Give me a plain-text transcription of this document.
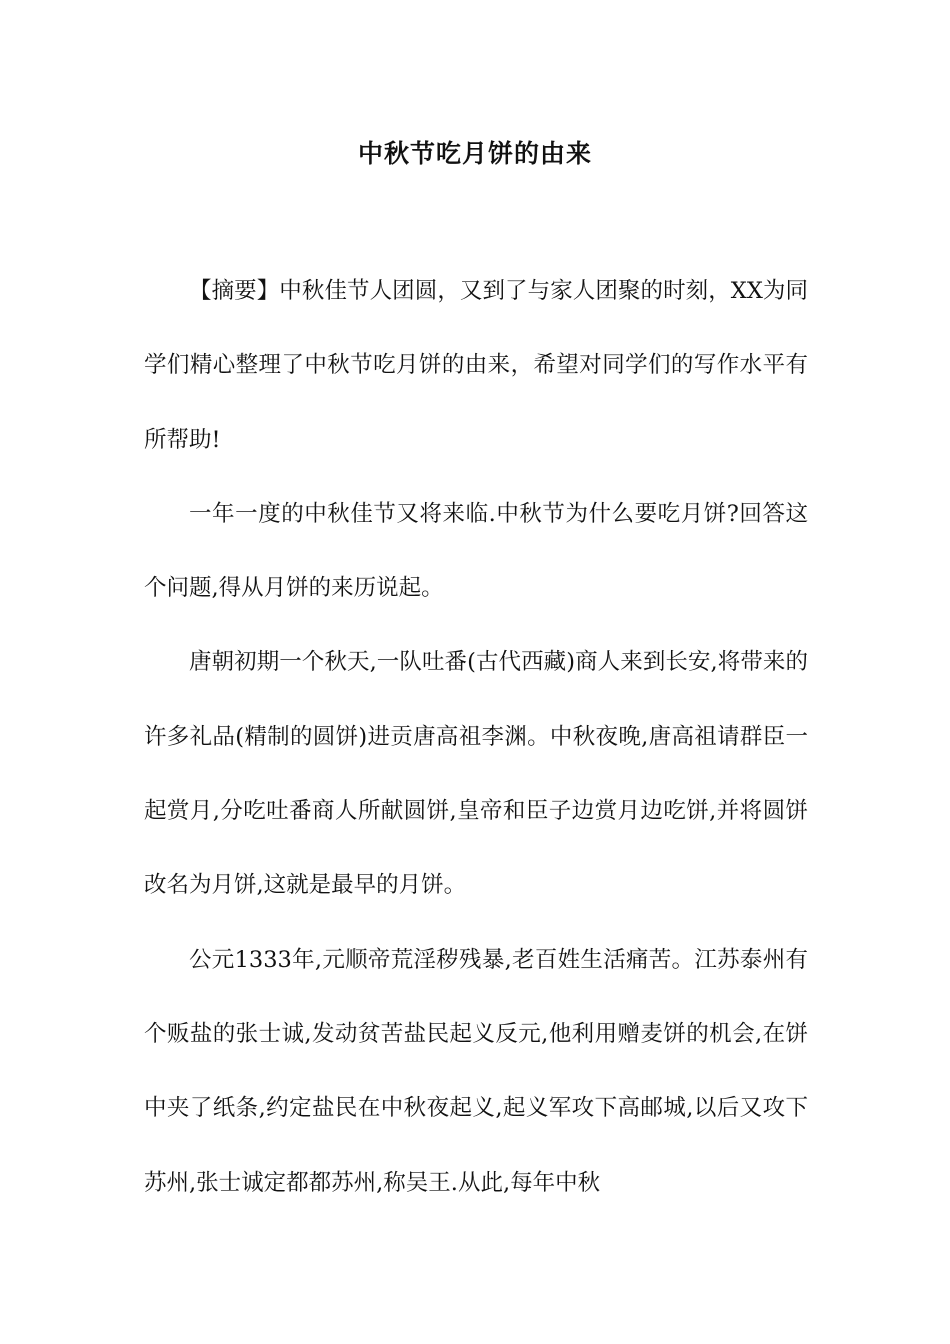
中秋节吃月饼的由来

【摘要】中秋佳节人团圆，又到了与家人团聚的时刻，XX为同学们精心整理了中秋节吃月饼的由来，希望对同学们的写作水平有所帮助!

一年一度的中秋佳节又将来临.中秋节为什么要吃月饼?回答这个问题,得从月饼的来历说起。

唐朝初期一个秋天,一队吐番(古代西藏)商人来到长安,将带来的许多礼品(精制的圆饼)进贡唐高祖李渊。中秋夜晚,唐高祖请群臣一起赏月,分吃吐番商人所献圆饼,皇帝和臣子边赏月边吃饼,并将圆饼改名为月饼,这就是最早的月饼。

公元1333年,元顺帝荒淫秽残暴,老百姓生活痛苦。江苏泰州有个贩盐的张士诚,发动贫苦盐民起义反元,他利用赠麦饼的机会,在饼中夹了纸条,约定盐民在中秋夜起义,起义军攻下高邮城,以后又攻下苏州,张士诚定都都苏州,称吴王.从此,每年中秋
